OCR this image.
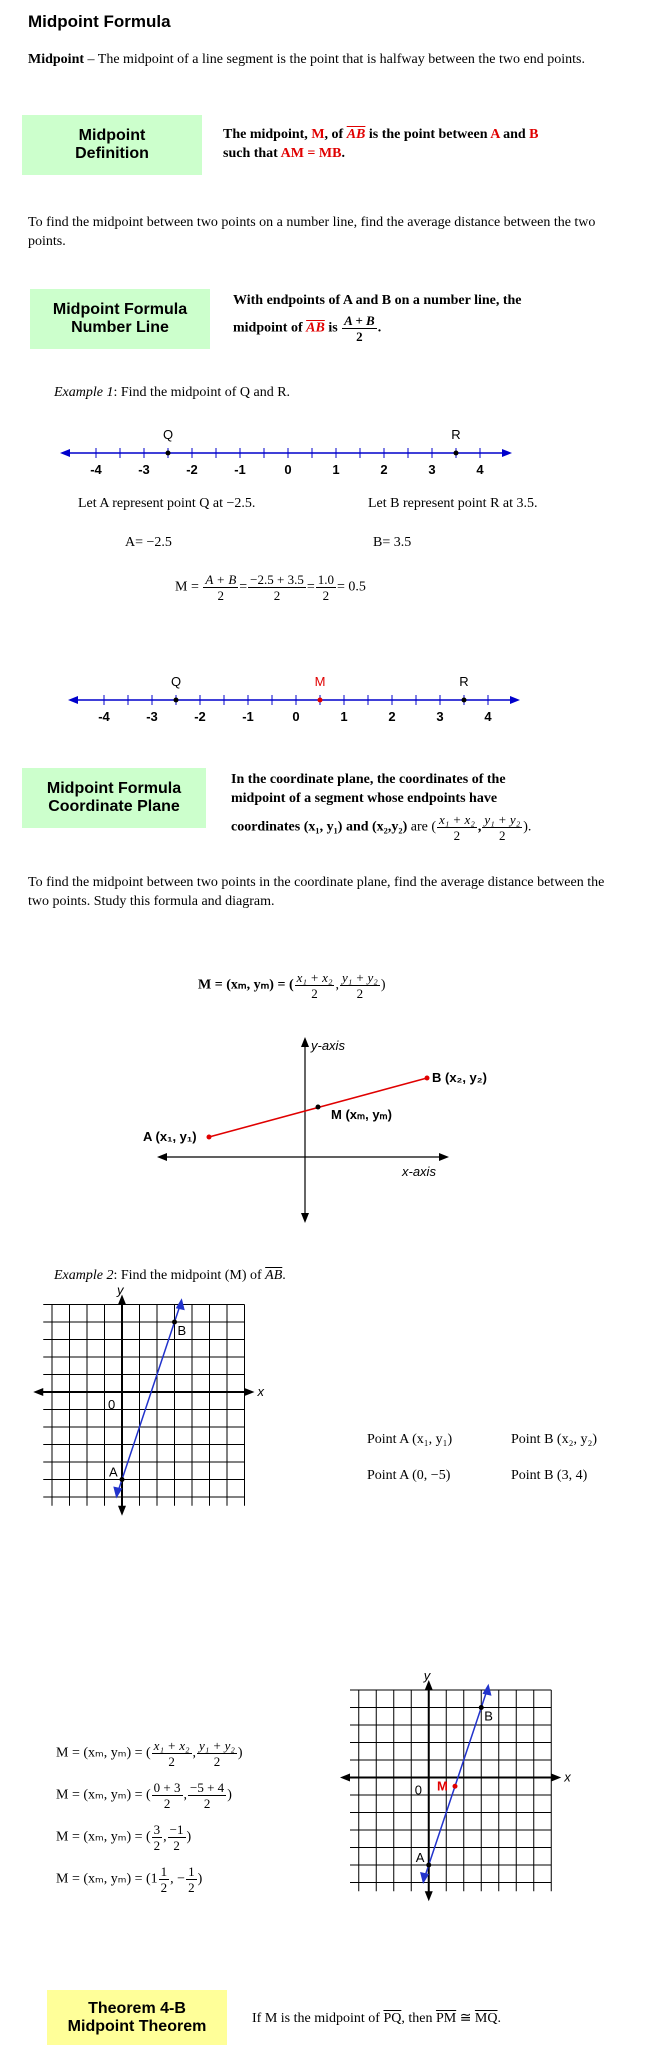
Midpoint Formula
Midpoint – The midpoint of a line segment is the point that is halfway between the two end points.
Midpoint
Definition
The midpoint, M, of $\overline{AB}$ is the point between A and B
such that AM = MB.
To find the midpoint between two points on a number line, find the average distance between the two points.
Midpoint Formula
Number Line
With endpoints of A and B on a number line, the
midpoint of $\overline{AB}$ is $\frac{A + B}{2}$ .
Example 1: Find the midpoint of Q and R.
-4	-3	-2	-1	0	1	2	3	4
Q	R
Let A represent point Q at −2.5.	Let B represent point R at 3.5.
A= −2.5	B= 3.5
$M = \frac{A + B}{2} = \frac{-2.5 + 3.5}{2} = \frac{1.0}{2} = 0.5$
-4	-3	-2	-1	0	1	2	3	4
Q	R
M
Midpoint Formula
Coordinate Plane
In the coordinate plane, the coordinates of the
midpoint of a segment whose endpoints have
coordinates (x₁, y₁) and (x₂,y₂) are ( $\frac{\text{x₁ + x₂}}{2}$ , $\frac{\text{y₁ + y₂}}{2}$ ).
To find the midpoint between two points in the coordinate plane, find the average distance between the two points. Study this formula and diagram.
M = (xₘ, yₘ) = ( $\frac{\text{x₁ + x₂}}{2}$ , $\frac{\text{y₁ + y₂}}{2}$ )
y-axis
x-axis
A (x₁, y₁)
B (x₂, y₂)
M (xₘ, yₘ)
Example 2: Find the midpoint (M) of $\overline{AB}$.
y
x
0
A
B
Point A (x₁, y₁)	Point B (x₂, y₂)
Point A (0, −5)	Point B (3, 4)
M = (xₘ, yₘ) = ( $\frac{\text{x₁ + x₂}}{2}$ , $\frac{\text{y₁ + y₂}}{2}$ )
M = (xₘ, yₘ) = ( $\frac{0 + 3}{2}$ , $\frac{-5 + 4}{2}$ )
M = (xₘ, yₘ) = ( $\frac{3}{2}$ , $\frac{-1}{2}$ )
M = (xₘ, $y_m) = (1 \frac{1}{2}$ , − $\frac{1}{2}$ )
y
x
0
A
B
M
Theorem 4-B
Midpoint Theorem	If M is the midpoint of $\overline{PQ}$, then $\overline{PM}$ ≅ $\overline{MQ}$.
